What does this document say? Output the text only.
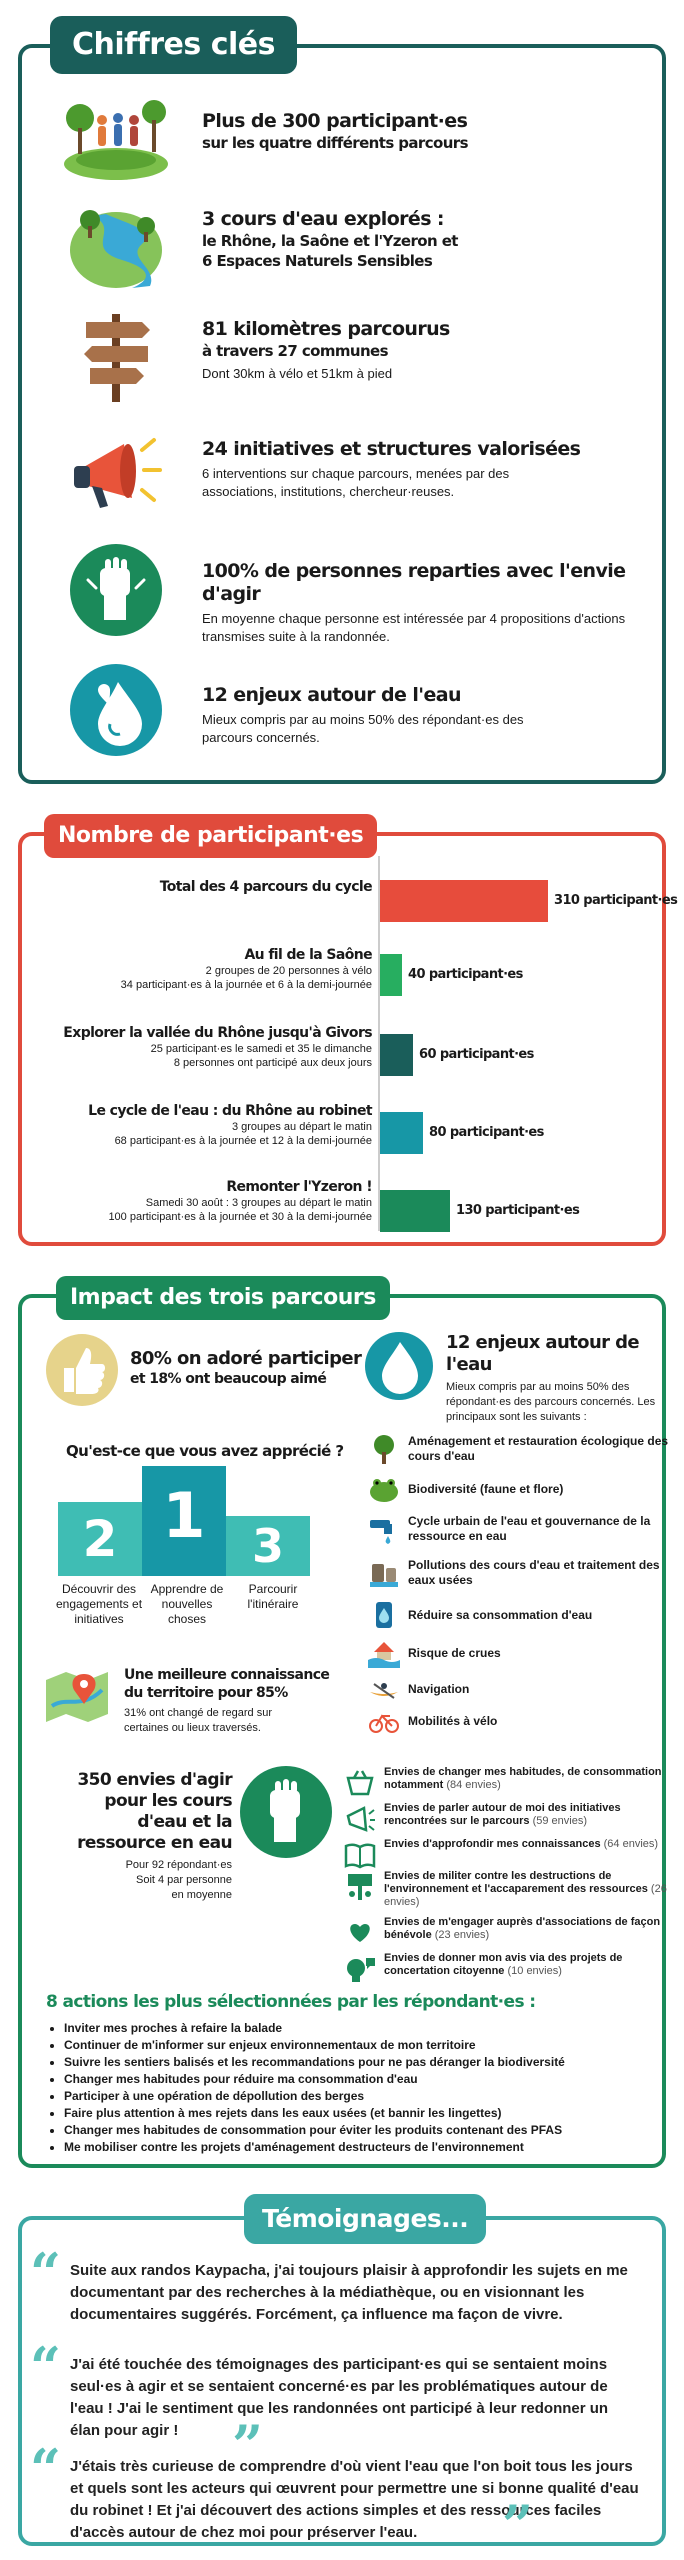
Chiffres clés
Plus de 300 participant·es
sur les quatre différents parcours
3 cours d'eau explorés :
le Rhône, la Saône et l'Yzeron et 6 Espaces Naturels Sensibles
81 kilomètres parcourus
à travers 27 communes
Dont 30km à vélo et 51km à pied
24 initiatives et structures valorisées
6 interventions sur chaque parcours, menées par des associations, institutions, chercheur·reuses.
100% de personnes reparties avec l'envie d'agir
En moyenne chaque personne est intéressée par 4 propositions d'actions transmises suite à la randonnée.
12 enjeux autour de l'eau
Mieux compris par au moins 50% des répondant·es des parcours concernés.
Nombre de participant·es
Total des 4 parcours du cycle
Au fil de la Saône
2 groupes de 20 personnes à vélo
34 participant·es à la journée et 6 à la demi-journée
Explorer la vallée du Rhône jusqu'à Givors
25 participant·es le samedi et 35 le dimanche
8 personnes ont participé aux deux jours
Le cycle de l'eau : du Rhône au robinet
3 groupes au départ le matin
68 participant·es à la journée et 12 à la demi-journée
Remonter l'Yzeron !
Samedi 30 août : 3 groupes au départ le matin
100 participant·es à la journée et 30 à la demi-journée
310 participant·es
40 participant·es
60 participant·es
80 participant·es
130 participant·es
Impact des trois parcours
80% on adoré participer
et 18% ont beaucoup aimé
Qu'est-ce que vous avez apprécié ?
2 1	3
Découvrir des engagements et initiatives
Apprendre de nouvelles choses
Parcourir l'itinéraire
Une meilleure connaissance du territoire pour 85%
31% ont changé de regard sur certaines ou lieux traversés.
350 envies d'agir pour les cours d'eau et la ressource en eau
Pour 92 répondant·es Soit 4 par personne en moyenne
12 enjeux autour de l'eau
Mieux compris par au moins 50% des répondant·es des parcours concernés. Les principaux sont les suivants :
Aménagement et restauration écologique des cours d'eau
Biodiversité (faune et flore)
Cycle urbain de l'eau et gouvernance de la ressource en eau
Pollutions des cours d'eau et traitement des eaux usées
Réduire sa consommation d'eau
Risque de crues
Navigation
Mobilités à vélo
Envies de changer mes habitudes, de consommation notamment (84 envies)
Envies de parler autour de moi des initiatives rencontrées sur le parcours (59 envies)
Envies d'approfondir mes connaissances (64 envies)
Envies de militer contre les destructions de l'environnement et l'accaparement des ressources (26 envies)
Envies de m'engager auprès d'associations de façon bénévole (23 envies)
Envies de donner mon avis via des projets de concertation citoyenne (10 envies)
8 actions les plus sélectionnées par les répondant·es :
• Inviter mes proches à refaire la balade
• Continuer de m'informer sur enjeux environnementaux de mon territoire
• Suivre les sentiers balisés et les recommandations pour ne pas déranger la biodiversité
• Changer mes habitudes pour réduire ma consommation d'eau
• Participer à une opération de dépollution des berges
• Faire plus attention à mes rejets dans les eaux usées (et bannir les lingettes)
• Changer mes habitudes de consommation pour éviter les produits contenant des PFAS
• Me mobiliser contre les projets d'aménagement destructeurs de l'environnement
Témoignages...
“ Suite aux randos Kaypacha, j'ai toujours plaisir à approfondir les sujets en me documentant par des recherches à la médiathèque, ou en visionnant les documentaires suggérés. Forcément, ça influence ma façon de vivre.
“ J'ai été touchée des témoignages des participant·es qui se sentaient moins seul·es à agir et se sentaient concerné·es par les problématiques autour de l'eau ! J'ai le sentiment que les randonnées ont participé à leur redonner un élan pour agir ! ”
“ J'étais très curieuse de comprendre d'où vient l'eau que l'on boit tous les jours et quels sont les acteurs qui œuvrent pour permettre une si bonne qualité d'eau du robinet ! Et j'ai découvert des actions simples et des ressources faciles d'accès autour de chez moi pour préserver l'eau.	”
